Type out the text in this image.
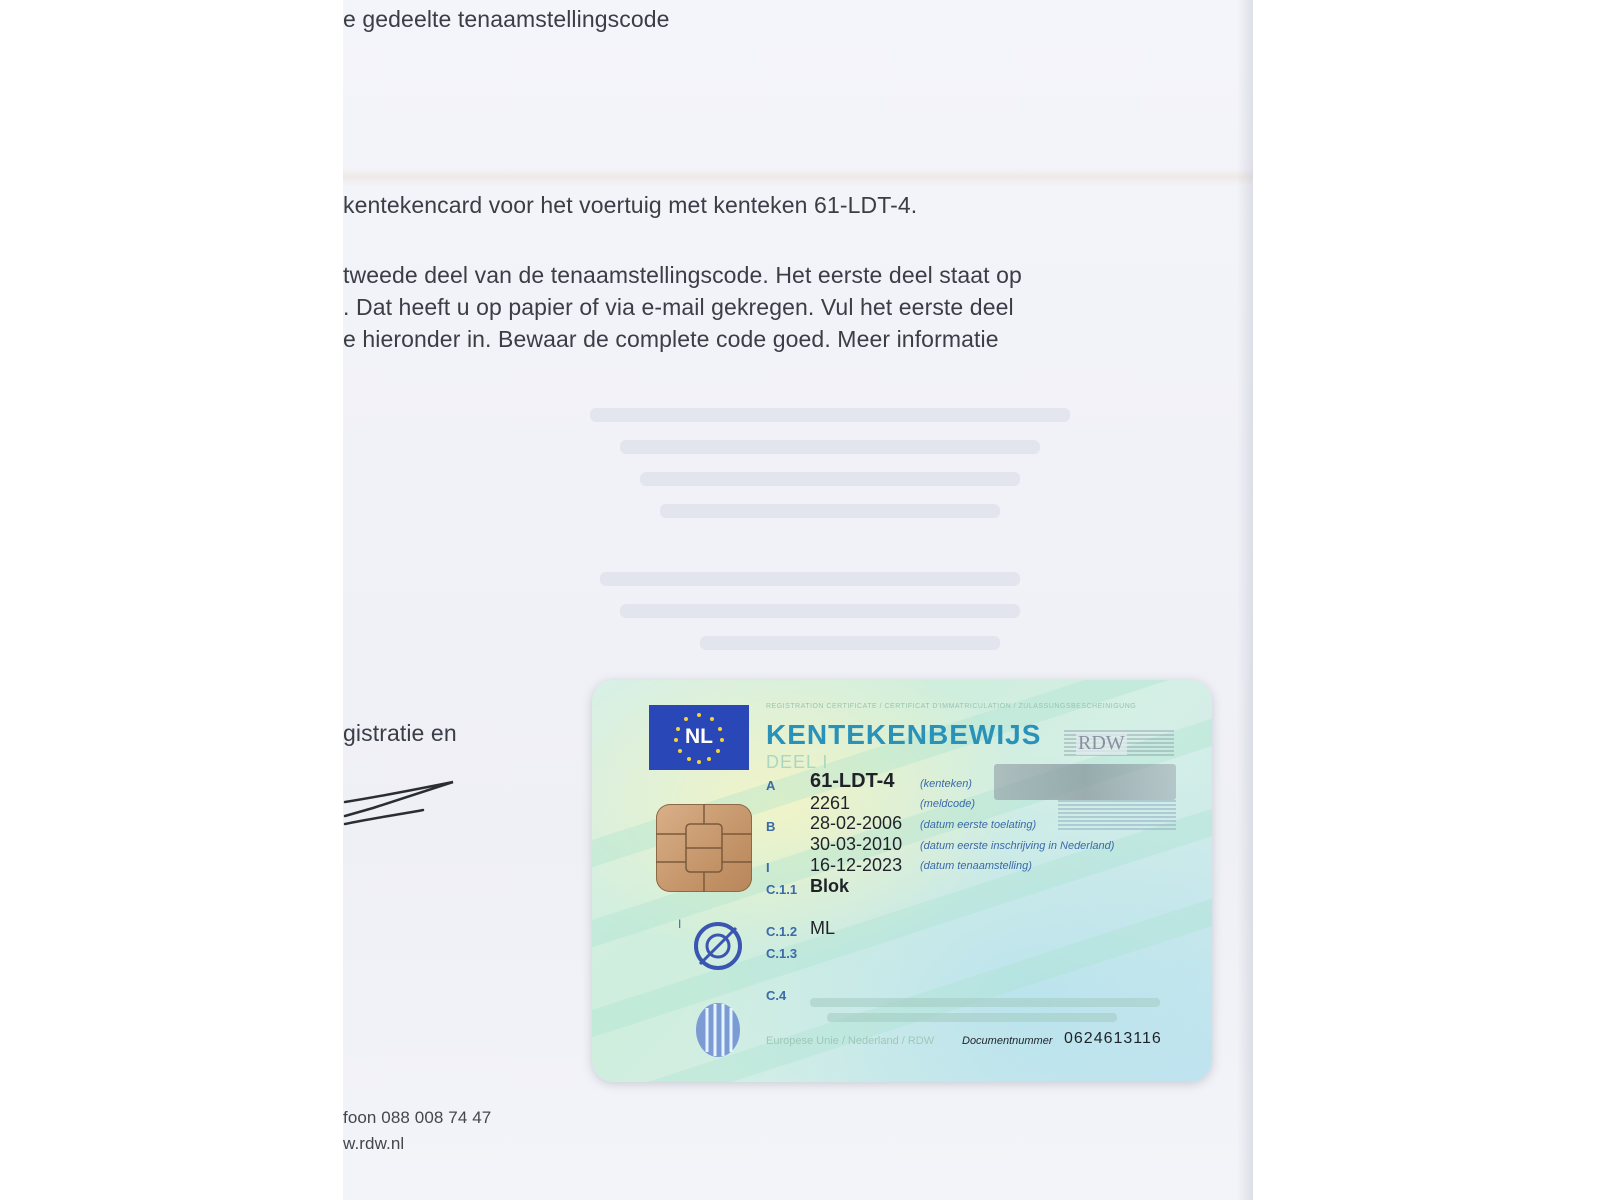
e gedeelte tenaamstellingscode
kentekencard voor het voertuig met kenteken 61-LDT-4.
tweede deel van de tenaamstellingscode. Het eerste deel staat op
. Dat heeft u op papier of via e-mail gekregen. Vul het eerste deel
e hieronder in. Bewaar de complete code goed. Meer informatie
gistratie en
foon 088 008 74 47
w.rdw.nl
REGISTRATION CERTIFICATE / CERTIFICAT D'IMMATRICULATION / ZULASSUNGSBESCHEINIGUNG
NL	KENTEKENBEWIJS
DEEL I
RDW
A 61-LDT-4 (kenteken)
2261	(meldcode)
B 28-02-2006 (datum eerste toelating)
30-03-2010 (datum eerste inschrijving in Nederland)
I 16-12-2023 (datum tenaamstelling)
C.1.1 Blok
I	C.1.2 ML
C.1.3
C.4
Europese Unie / Nederland / RDW	Documentnummer 0624613116
